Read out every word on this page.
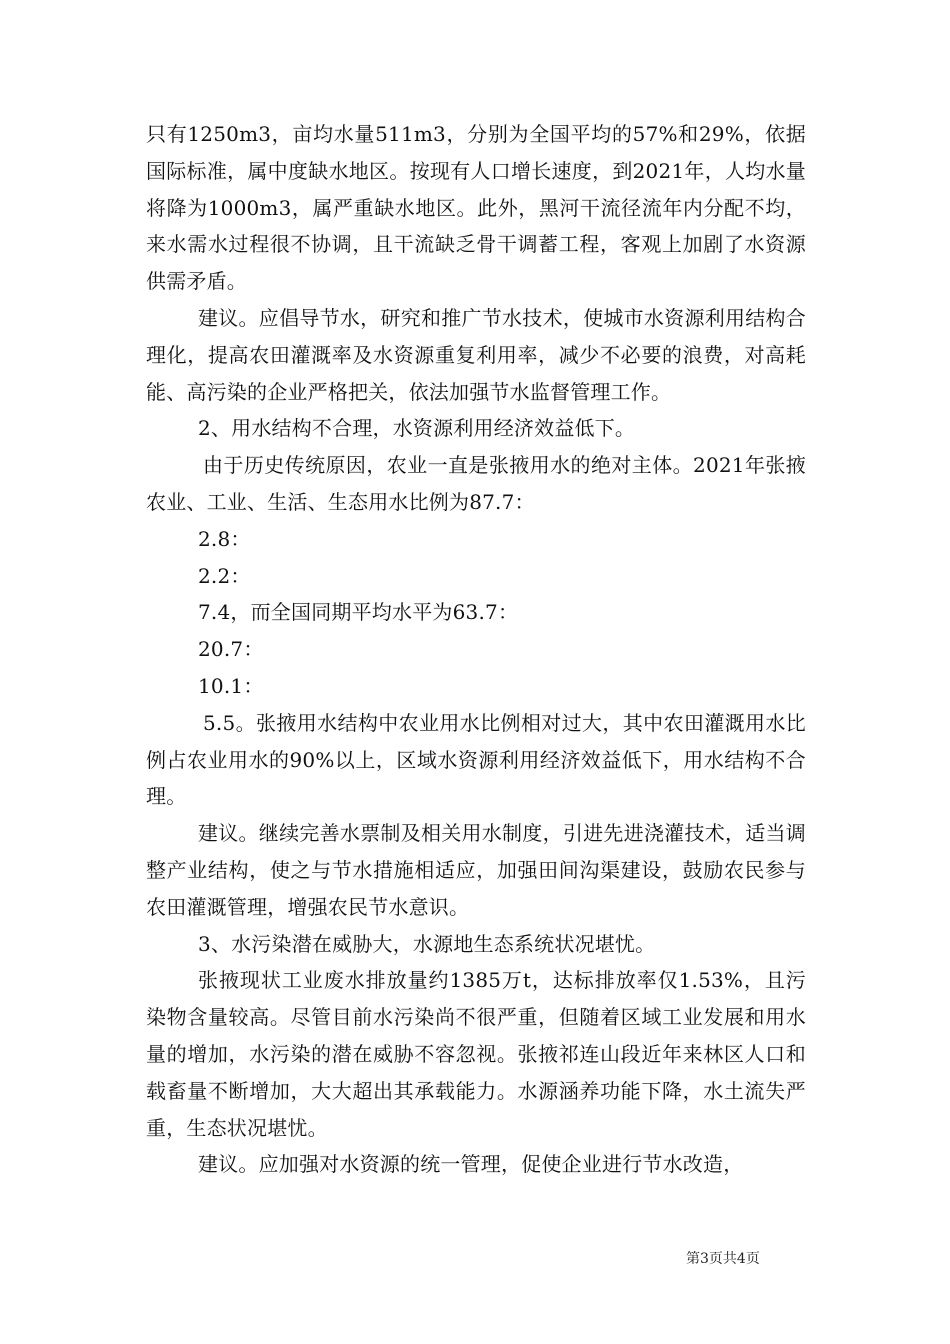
只有1250m3，亩均水量511m3，分别为全国平均的57%和29%，依据国际标准，属中度缺水地区。按现有人口增长速度，到2021年，人均水量将降为1000m3，属严重缺水地区。此外，黑河干流径流年内分配不均，来水需水过程很不协调，且干流缺乏骨干调蓄工程，客观上加剧了水资源供需矛盾。

建议。应倡导节水，研究和推广节水技术，使城市水资源利用结构合理化，提高农田灌溉率及水资源重复利用率，减少不必要的浪费，对高耗能、高污染的企业严格把关，依法加强节水监督管理工作。

2、用水结构不合理，水资源利用经济效益低下。

由于历史传统原因，农业一直是张掖用水的绝对主体。2021年张掖农业、工业、生活、生态用水比例为87.7：

2.8：

2.2：

7.4，而全国同期平均水平为63.7：

20.7：

10.1：

5.5。张掖用水结构中农业用水比例相对过大，其中农田灌溉用水比例占农业用水的90%以上，区域水资源利用经济效益低下，用水结构不合理。

建议。继续完善水票制及相关用水制度，引进先进浇灌技术，适当调整产业结构，使之与节水措施相适应，加强田间沟渠建设，鼓励农民参与农田灌溉管理，增强农民节水意识。

3、水污染潜在威胁大，水源地生态系统状况堪忧。

张掖现状工业废水排放量约1385万t，达标排放率仅1.53%，且污染物含量较高。尽管目前水污染尚不很严重，但随着区域工业发展和用水量的增加，水污染的潜在威胁不容忽视。张掖祁连山段近年来林区人口和载畜量不断增加，大大超出其承载能力。水源涵养功能下降，水土流失严重，生态状况堪忧。

建议。应加强对水资源的统一管理，促使企业进行节水改造，

第3页共4页
